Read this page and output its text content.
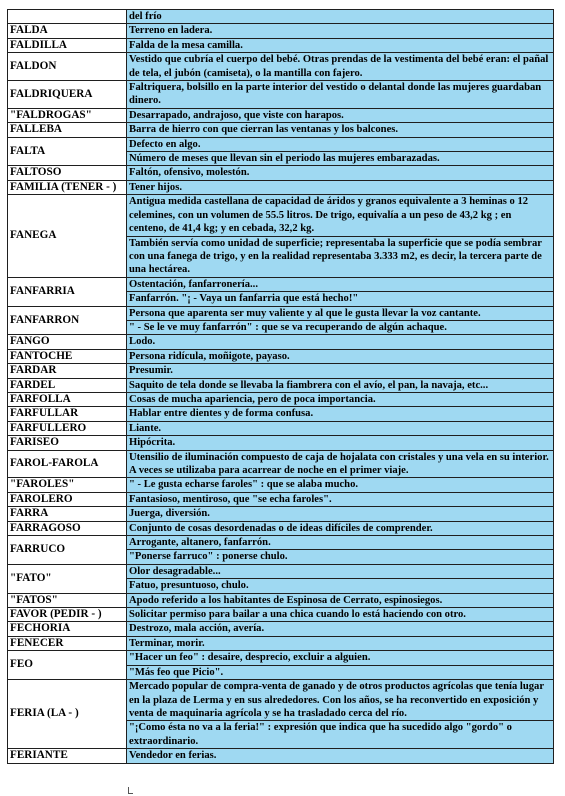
	del frío

FALDA	Terreno en ladera.

FALDILLA	Falda de la mesa camilla.

FALDON	Vestido que cubría el cuerpo del bebé. Otras prendas de la vestimenta del bebé eran: el pañal de tela, el jubón (camiseta), o la mantilla con fajero.

FALDRIQUERA	Faltriquera, bolsillo en la parte interior del vestido o delantal donde las mujeres guardaban dinero.

"FALDROGAS"	Desarrapado, andrajoso, que viste con harapos.

FALLEBA	Barra de hierro con que cierran las ventanas y los balcones.

FALTA	Defecto en algo.
Número de meses que llevan sin el periodo las mujeres embarazadas.

FALTOSO	Faltón, ofensivo, molestón.

FAMILIA (TENER - )	Tener hijos.

FANEGA	Antigua medida castellana de capacidad de áridos y granos equivalente a 3 heminas o 12 celemines, con un volumen de 55.5 litros. De trigo, equivalía a un peso de 43,2 kg ; en centeno, de 41,4 kg; y en cebada, 32,2 kg.
También servía como unidad de superficie; representaba la superficie que se podía sembrar con una fanega de trigo, y en la realidad representaba 3.333 m2, es decir, la tercera parte de una hectárea.

FANFARRIA	Ostentación, fanfarronería...
Fanfarrón. "¡ - Vaya un fanfarria que está hecho!"

FANFARRON	Persona que aparenta ser muy valiente y al que le gusta llevar la voz cantante.
" - Se le ve muy fanfarrón" : que se va recuperando de algún achaque.

FANGO	Lodo.

FANTOCHE	Persona ridícula, moñigote, payaso.

FARDAR	Presumir.

FARDEL	Saquito de tela donde se llevaba la fiambrera con el avío, el pan, la navaja, etc...

FARFOLLA	Cosas de mucha apariencia, pero de poca importancia.

FARFULLAR	Hablar entre dientes y de forma confusa.

FARFULLERO	Liante.

FARISEO	Hipócrita.

FAROL-FAROLA	Utensilio de iluminación compuesto de caja de hojalata con cristales y una vela en su interior. A veces se utilizaba para acarrear de noche en el primer viaje.

"FAROLES"	" - Le gusta echarse faroles" : que se alaba mucho.

FAROLERO	Fantasioso, mentiroso, que "se echa faroles".

FARRA	Juerga, diversión.

FARRAGOSO	Conjunto de cosas desordenadas o de ideas difíciles de comprender.

FARRUCO	Arrogante, altanero, fanfarrón.
"Ponerse farruco" : ponerse chulo.

"FATO"	Olor desagradable...
Fatuo, presuntuoso, chulo.

"FATOS"	Apodo referido a los habitantes de Espinosa de Cerrato, espinosiegos.

FAVOR (PEDIR - )	Solicitar permiso para bailar a una chica cuando lo está haciendo con otro.

FECHORIA	Destrozo, mala acción, avería.

FENECER	Terminar, morir.

FEO	"Hacer un feo" : desaire, desprecio, excluir a alguien.
"Más feo que Picio".

FERIA (LA - )	Mercado popular de compra-venta de ganado y de otros productos agrícolas que tenía lugar en la plaza de Lerma y en sus alrededores. Con los años, se ha reconvertido en exposición y venta de maquinaria agrícola y se ha trasladado cerca del río.
"¡Como ésta no va a la feria!" : expresión que indica que ha sucedido algo "gordo" o extraordinario.

FERIANTE	Vendedor en ferias.
